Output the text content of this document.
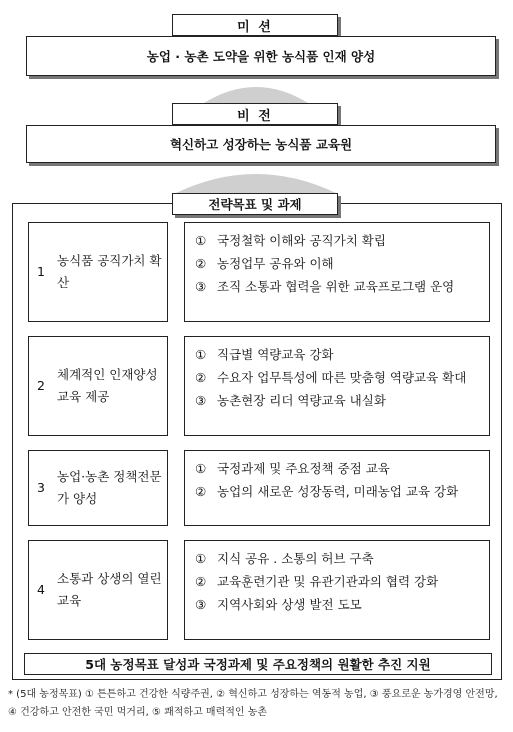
미 션
농업 · 농촌 도약을 위한 농식품 인재 양성
비 전
혁신하고 성장하는 농식품 교육원
전략목표 및 과제
1
농식품 공직가치 확산
① 국정철학 이해와 공직가치 확립
② 농정업무 공유와 이해
③ 조직 소통과 협력을 위한 교육프로그램 운영
2
체계적인 인재양성 교육 제공
① 직급별 역량교육 강화
② 수요자 업무특성에 따른 맞춤형 역량교육 확대
③ 농촌현장 리더 역량교육 내실화
3
농업·농촌 정책전문가 양성
① 국정과제 및 주요정책 중점 교육
② 농업의 새로운 성장동력, 미래농업 교육 강화
4
소통과 상생의 열린 교육
① 지식 공유 . 소통의 허브 구축
② 교육훈련기관 및 유관기관과의 협력 강화
③ 지역사회와 상생 발전 도모
5대 농정목표 달성과 국정과제 및 주요정책의 원활한 추진 지원
* (5대 농정목표) ① 튼튼하고 건강한 식량주권, ② 혁신하고 성장하는 역동적 농업, ③ 풍요로운 농가경영 안전망,
④ 건강하고 안전한 국민 먹거리, ⑤ 쾌적하고 매력적인 농촌
